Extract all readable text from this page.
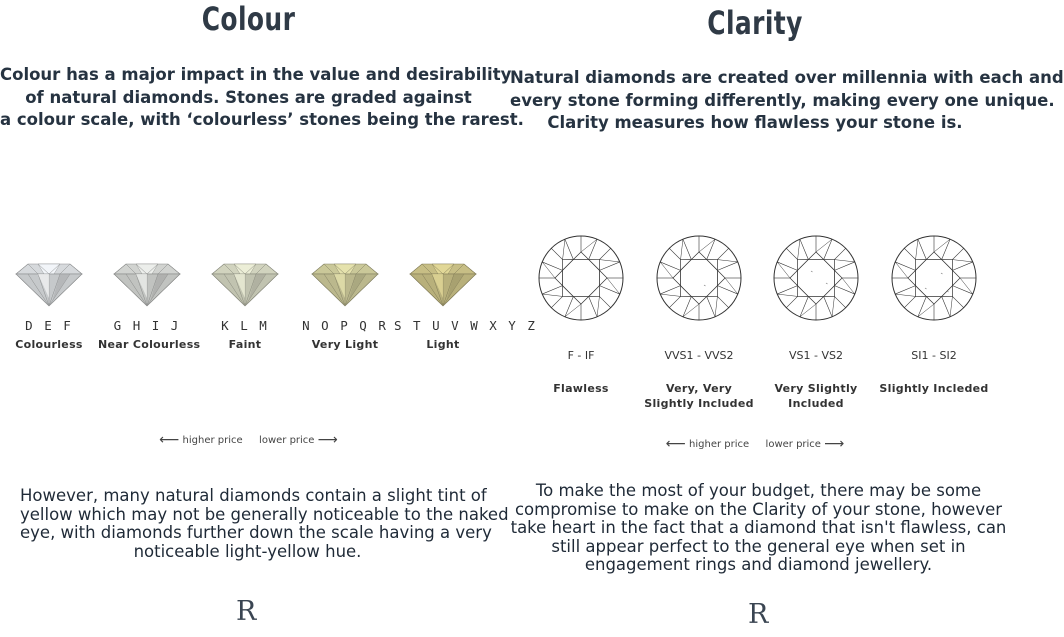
Colour
Colour has a major impact in the value and desirability
of natural diamonds. Stones are graded against
a colour scale, with ‘colourless’ stones being the rarest.
D E F
Colourless
G H I J
Near Colourless
K L M
Faint
N O P Q R
Very Light
S T U V W X Y Z
Light
⟵ higher price lower price ⟶
However, many natural diamonds contain a slight tint of
yellow which may not be generally noticeable to the naked
eye, with diamonds further down the scale having a very
noticeable light-yellow hue.
R
Clarity
Natural diamonds are created over millennia with each and
every stone forming differently, making every one unique.
Clarity measures how flawless your stone is.
F - IF
Flawless
VVS1 - VVS2
Very, Very Slightly Included
VS1 - VS2
Very Slightly Included
SI1 - SI2
Slightly Incleded
⟵ higher price lower price ⟶
To make the most of your budget, there may be some
compromise to make on the Clarity of your stone, however
take heart in the fact that a diamond that isn't flawless, can
still appear perfect to the general eye when set in
engagement rings and diamond jewellery.
R
